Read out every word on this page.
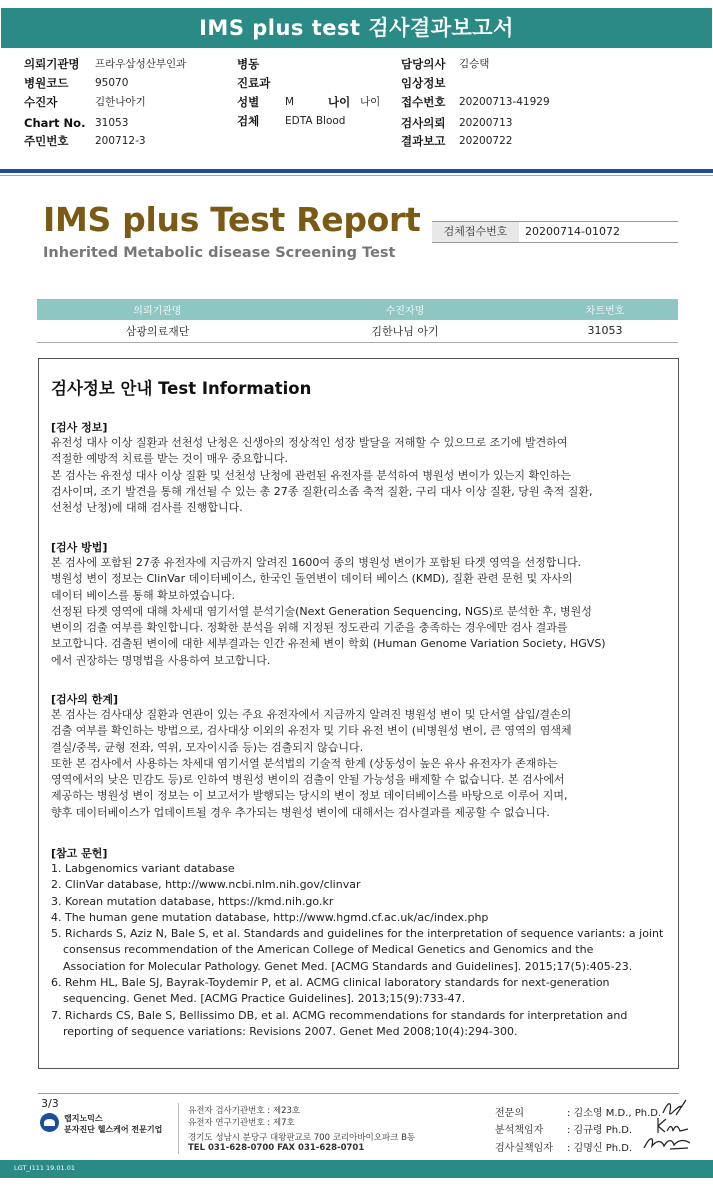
IMS plus test 검사결과보고서
의뢰기관명 프라우삼성산부인과
병원코드	95070
수진자	김한나아기
Chart No. 31053
주민번호	200712-3
병동
진료과
성별 M	나이 나이
검체 EDTA Blood
담당의사 김승택
임상정보
접수번호 20200713-41929
검사의뢰 20200713
결과보고 20200722
IMS plus Test Report
Inherited Metabolic disease Screening Test
검체접수번호	20200714-01072
의뢰기관명	수진자명	차트번호
삼광의료재단	김한나님 아기	31053
검사정보 안내 Test Information
[검사 정보]

유전성 대사 이상 질환과 선천성 난청은 신생아의 정상적인 성장 발달을 저해할 수 있으므로 조기에 발견하여

적절한 예방적 치료를 받는 것이 매우 중요합니다.

본 검사는 유전성 대사 이상 질환 및 선천성 난청에 관련된 유전자를 분석하여 병원성 변이가 있는지 확인하는

검사이며, 조기 발견을 통해 개선될 수 있는 총 27종 질환(리소좀 축적 질환, 구리 대사 이상 질환, 당원 축적 질환,

선천성 난청)에 대해 검사를 진행합니다.

[검사 방법]

본 검사에 포함된 27종 유전자에 지금까지 알려진 1600여 종의 병원성 변이가 포함된 타겟 영역을 선정합니다.

병원성 변이 정보는 ClinVar 데이터베이스, 한국인 돌연변이 데이터 베이스 (KMD), 질환 관련 문헌 및 자사의

데이터 베이스를 통해 확보하였습니다.

선정된 타겟 영역에 대해 차세대 염기서열 분석기술(Next Generation Sequencing, NGS)로 분석한 후, 병원성

변이의 검출 여부를 확인합니다. 정확한 분석을 위해 지정된 정도관리 기준을 충족하는 경우에만 검사 결과를

보고합니다. 검출된 변이에 대한 세부결과는 인간 유전체 변이 학회 (Human Genome Variation Society, HGVS)

에서 권장하는 명명법을 사용하여 보고합니다.

[검사의 한계]

본 검사는 검사대상 질환과 연관이 있는 주요 유전자에서 지금까지 알려진 병원성 변이 및 단서열 삽입/결손의

검출 여부를 확인하는 방법으로, 검사대상 이외의 유전자 및 기타 유전 변이 (비병원성 변이, 큰 영역의 염색체

결실/중복, 균형 전좌, 역위, 모자이시즘 등)는 검출되지 않습니다.

또한 본 검사에서 사용하는 차세대 염기서열 분석법의 기술적 한계 (상동성이 높은 유사 유전자가 존재하는

영역에서의 낮은 민감도 등)로 인하여 병원성 변이의 검출이 안될 가능성을 배제할 수 없습니다. 본 검사에서

제공하는 병원성 변이 정보는 이 보고서가 발행되는 당시의 변이 정보 데이터베이스를 바탕으로 이루어 지며,

향후 데이터베이스가 업데이트될 경우 추가되는 병원성 변이에 대해서는 검사결과를 제공할 수 없습니다.

[참고 문헌]
1. Labgenomics variant database
2. ClinVar database, http://www.ncbi.nlm.nih.gov/clinvar
3. Korean mutation database, https://kmd.nih.go.kr
4. The human gene mutation database, http://www.hgmd.cf.ac.uk/ac/index.php
5. Richards S, Aziz N, Bale S, et al. Standards and guidelines for the interpretation of sequence variants: a joint
consensus recommendation of the American College of Medical Genetics and Genomics and the
Association for Molecular Pathology. Genet Med. [ACMG Standards and Guidelines]. 2015;17(5):405-23.
6. Rehm HL, Bale SJ, Bayrak-Toydemir P, et al. ACMG clinical laboratory standards for next-generation
sequencing. Genet Med. [ACMG Practice Guidelines]. 2013;15(9):733-47.
7. Richards CS, Bale S, Bellissimo DB, et al. ACMG recommendations for standards for interpretation and
reporting of sequence variations: Revisions 2007. Genet Med 2008;10(4):294-300.
3/3
랩지노믹스
분자진단 헬스케어 전문기업
유전자 검사기관번호 : 제23호
유전자 연구기관번호 : 제7호
경기도 성남시 분당구 대왕판교로 700 코리아바이오파크 B동
TEL 031-628-0700 FAX 031-628-0701
전문의	: 김소영 M.D., Ph.D.
분석책임자 : 김규령 Ph.D.
검사실책임자 : 김명신 Ph.D.
LGT_I111 19.01.01
